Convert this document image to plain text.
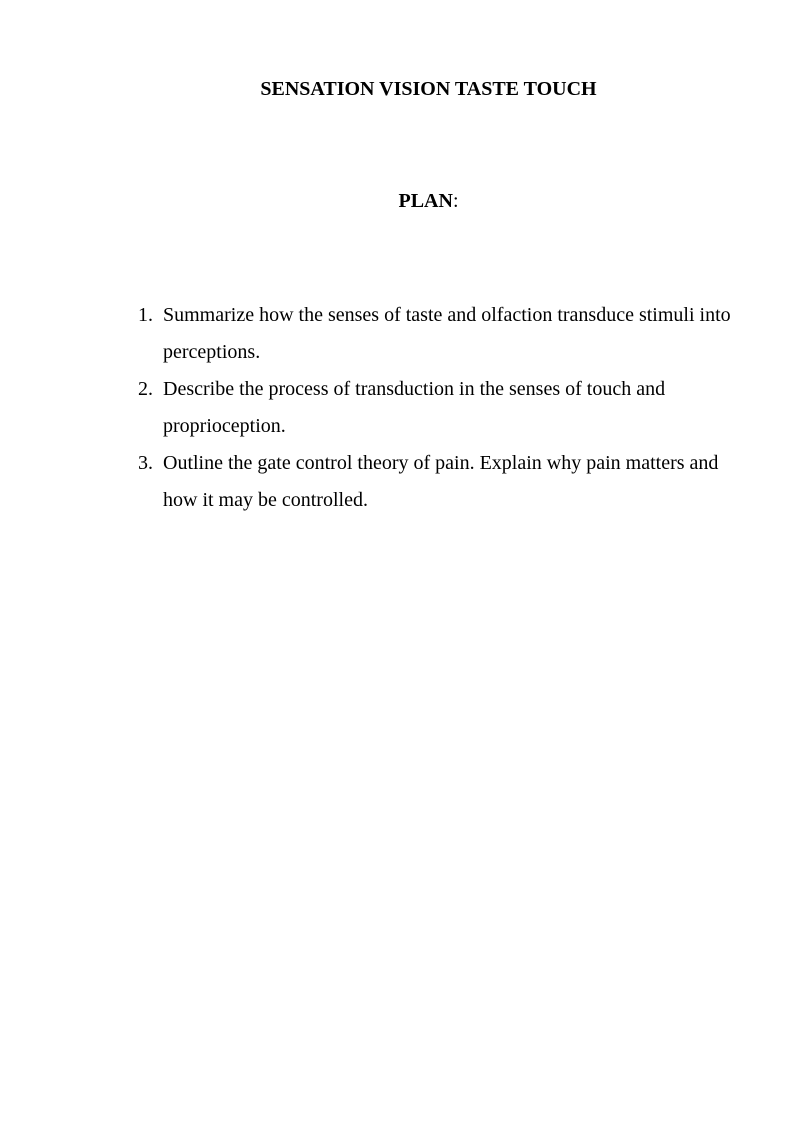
SENSATION VISION TASTE TOUCH

PLAN:

1. Summarize how the senses of taste and olfaction transduce stimuli into perceptions.
2. Describe the process of transduction in the senses of touch and proprioception.
3. Outline the gate control theory of pain. Explain why pain matters and how it may be controlled.
